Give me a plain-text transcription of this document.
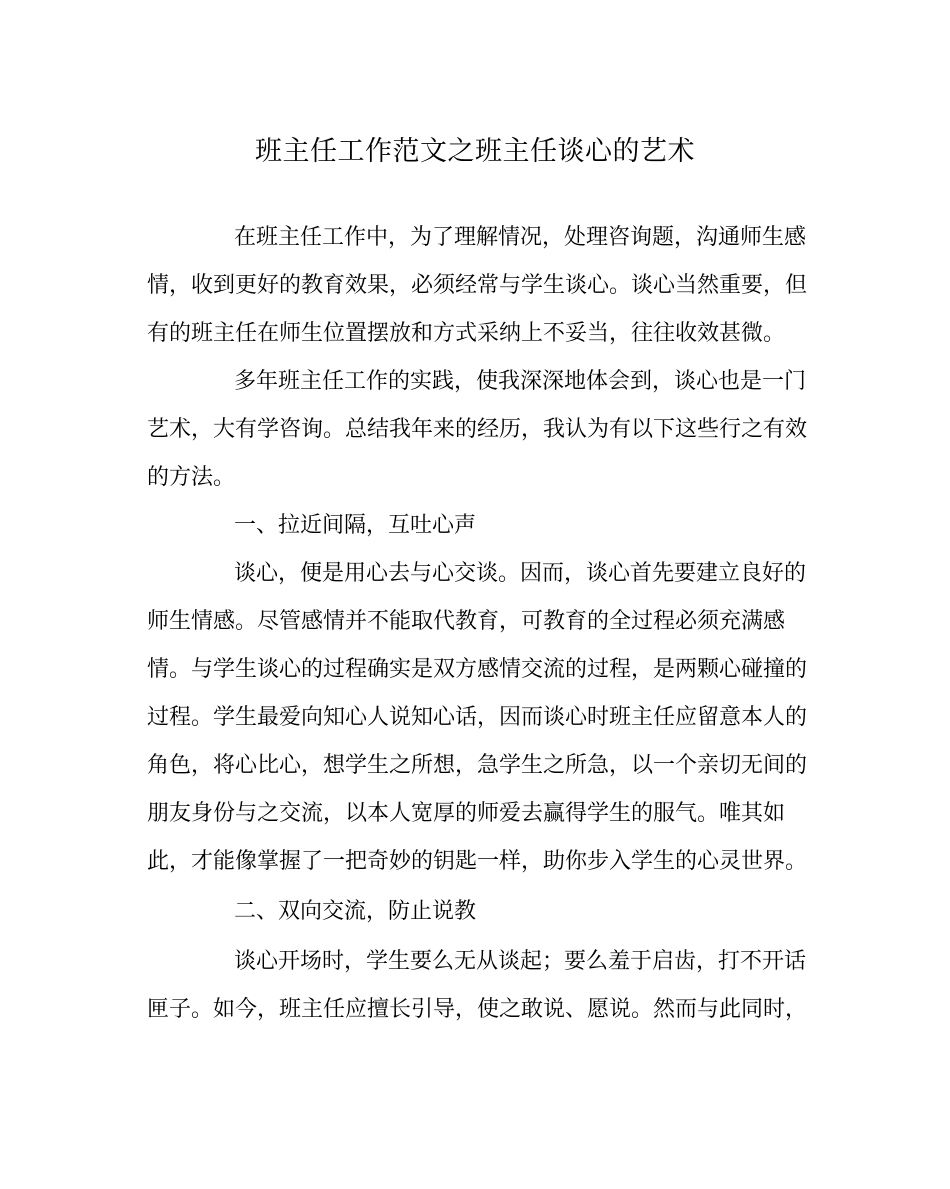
班主任工作范文之班主任谈心的艺术
在班主任工作中，为了理解情况，处理咨询题，沟通师生感
情，收到更好的教育效果，必须经常与学生谈心。谈心当然重要，但
有的班主任在师生位置摆放和方式采纳上不妥当，往往收效甚微。
多年班主任工作的实践，使我深深地体会到，谈心也是一门
艺术，大有学咨询。总结我年来的经历，我认为有以下这些行之有效
的方法。
一、拉近间隔，互吐心声
谈心，便是用心去与心交谈。因而，谈心首先要建立良好的
师生情感。尽管感情并不能取代教育，可教育的全过程必须充满感
情。与学生谈心的过程确实是双方感情交流的过程，是两颗心碰撞的
过程。学生最爱向知心人说知心话，因而谈心时班主任应留意本人的
角色，将心比心，想学生之所想，急学生之所急，以一个亲切无间的
朋友身份与之交流，以本人宽厚的师爱去赢得学生的服气。唯其如
此，才能像掌握了一把奇妙的钥匙一样，助你步入学生的心灵世界。
二、双向交流，防止说教
谈心开场时，学生要么无从谈起；要么羞于启齿，打不开话
匣子。如今，班主任应擅长引导，使之敢说、愿说。然而与此同时，
